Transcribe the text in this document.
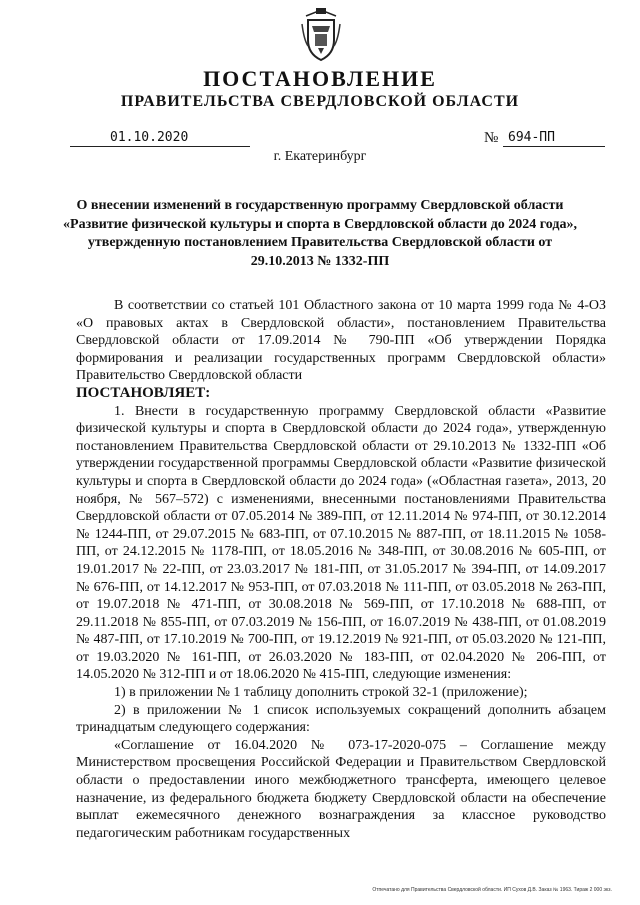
ПОСТАНОВЛЕНИЕ
ПРАВИТЕЛЬСТВА СВЕРДЛОВСКОЙ ОБЛАСТИ
01.10.2020	№ 694-ПП
г. Екатеринбург
О внесении изменений в государственную программу Свердловской области «Развитие физической культуры и спорта в Свердловской области до 2024 года», утвержденную постановлением Правительства Свердловской области от 29.10.2013 № 1332-ПП

В соответствии со статьей 101 Областного закона от 10 марта 1999 года № 4-ОЗ «О правовых актах в Свердловской области», постановлением Правительства Свердловской области от 17.09.2014 № 790-ПП «Об утверждении Порядка формирования и реализации государственных программ Свердловской области» Правительство Свердловской области

ПОСТАНОВЛЯЕТ:

1. Внести в государственную программу Свердловской области «Развитие физической культуры и спорта в Свердловской области до 2024 года», утвержденную постановлением Правительства Свердловской области от 29.10.2013 № 1332-ПП «Об утверждении государственной программы Свердловской области «Развитие физической культуры и спорта в Свердловской области до 2024 года» («Областная газета», 2013, 20 ноября, № 567–572) с изменениями, внесенными постановлениями Правительства Свердловской области от 07.05.2014 № 389-ПП, от 12.11.2014 № 974-ПП, от 30.12.2014 № 1244-ПП, от 29.07.2015 № 683-ПП, от 07.10.2015 № 887-ПП, от 18.11.2015 № 1058-ПП, от 24.12.2015 № 1178-ПП, от 18.05.2016 № 348-ПП, от 30.08.2016 № 605-ПП, от 19.01.2017 № 22-ПП, от 23.03.2017 № 181-ПП, от 31.05.2017 № 394-ПП, от 14.09.2017 № 676-ПП, от 14.12.2017 № 953-ПП, от 07.03.2018 № 111-ПП, от 03.05.2018 № 263-ПП, от 19.07.2018 № 471-ПП, от 30.08.2018 № 569-ПП, от 17.10.2018 № 688-ПП, от 29.11.2018 № 855-ПП, от 07.03.2019 № 156-ПП, от 16.07.2019 № 438-ПП, от 01.08.2019 № 487-ПП, от 17.10.2019 № 700-ПП, от 19.12.2019 № 921-ПП, от 05.03.2020 № 121-ПП, от 19.03.2020 № 161-ПП, от 26.03.2020 № 183-ПП, от 02.04.2020 № 206-ПП, от 14.05.2020 № 312-ПП и от 18.06.2020 № 415-ПП, следующие изменения:

1) в приложении № 1 таблицу дополнить строкой 32-1 (приложение);

2) в приложении № 1 список используемых сокращений дополнить абзацем тринадцатым следующего содержания:

«Соглашение от 16.04.2020 № 073-17-2020-075 – Соглашение между Министерством просвещения Российской Федерации и Правительством Свердловской области о предоставлении иного межбюджетного трансферта, имеющего целевое назначение, из федерального бюджета бюджету Свердловской области на обеспечение выплат ежемесячного денежного вознаграждения за классное руководство педагогическим работникам государственных

Отпечатано для Правительства Свердловской области. ИП Сухов Д.В. Заказ № 1963. Тираж 2 000 экз.
